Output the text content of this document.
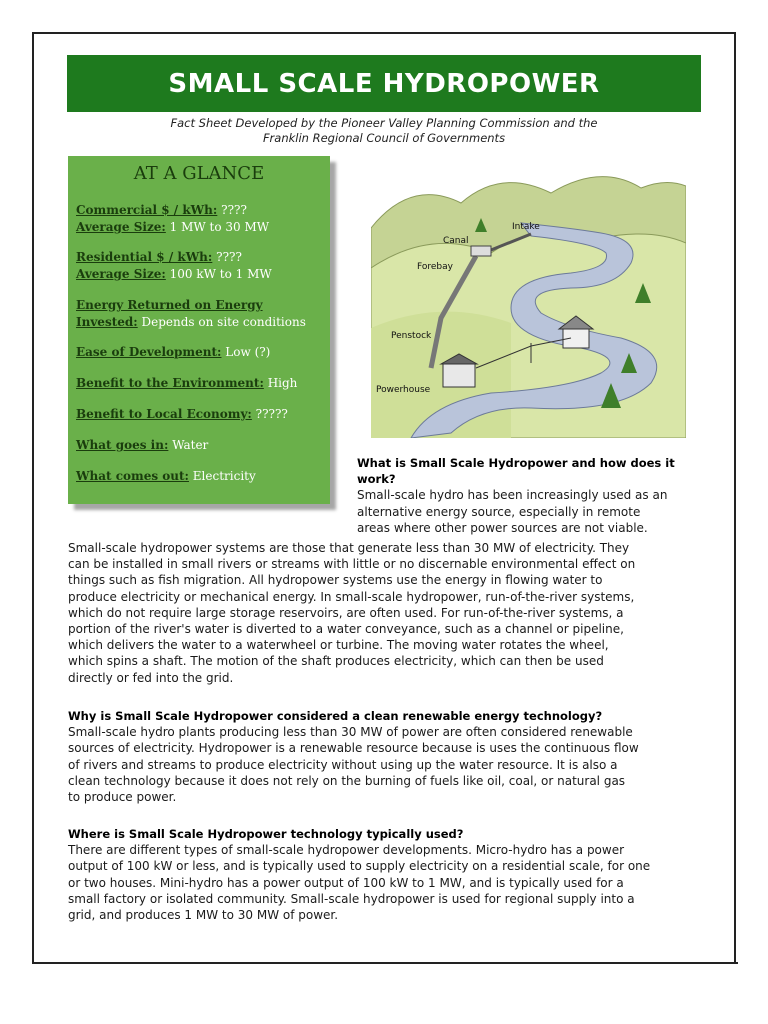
SMALL SCALE HYDROPOWER
Fact Sheet Developed by the Pioneer Valley Planning Commission and the
Franklin Regional Council of Governments
AT A GLANCE
Commercial $ / kWh: ????
Average Size: 1 MW to 30 MW
Residential $ / kWh: ????
Average Size: 100 kW to 1 MW
Energy Returned on Energy
Invested: Depends on site conditions
Ease of Development: Low (?)
Benefit to the Environment: High
Benefit to Local Economy: ?????
What goes in: Water
What comes out: Electricity
Intake
Canal
Forebay
Penstock
Powerhouse
What is Small Scale Hydropower and how does it
work?
Small-scale hydro has been increasingly used as an
alternative energy source, especially in remote
areas where other power sources are not viable.
Small-scale hydropower systems are those that generate less than 30 MW of electricity. They
can be installed in small rivers or streams with little or no discernable environmental effect on
things such as fish migration. All hydropower systems use the energy in flowing water to
produce electricity or mechanical energy. In small-scale hydropower, run-of-the-river systems,
which do not require large storage reservoirs, are often used. For run-of-the-river systems, a
portion of the river's water is diverted to a water conveyance, such as a channel or pipeline,
which delivers the water to a waterwheel or turbine. The moving water rotates the wheel,
which spins a shaft. The motion of the shaft produces electricity, which can then be used
directly or fed into the grid.
Why is Small Scale Hydropower considered a clean renewable energy technology?
Small-scale hydro plants producing less than 30 MW of power are often considered renewable
sources of electricity. Hydropower is a renewable resource because is uses the continuous flow
of rivers and streams to produce electricity without using up the water resource. It is also a
clean technology because it does not rely on the burning of fuels like oil, coal, or natural gas
to produce power.
Where is Small Scale Hydropower technology typically used?
There are different types of small-scale hydropower developments. Micro-hydro has a power
output of 100 kW or less, and is typically used to supply electricity on a residential scale, for one
or two houses. Mini-hydro has a power output of 100 kW to 1 MW, and is typically used for a
small factory or isolated community. Small-scale hydropower is used for regional supply into a
grid, and produces 1 MW to 30 MW of power.
